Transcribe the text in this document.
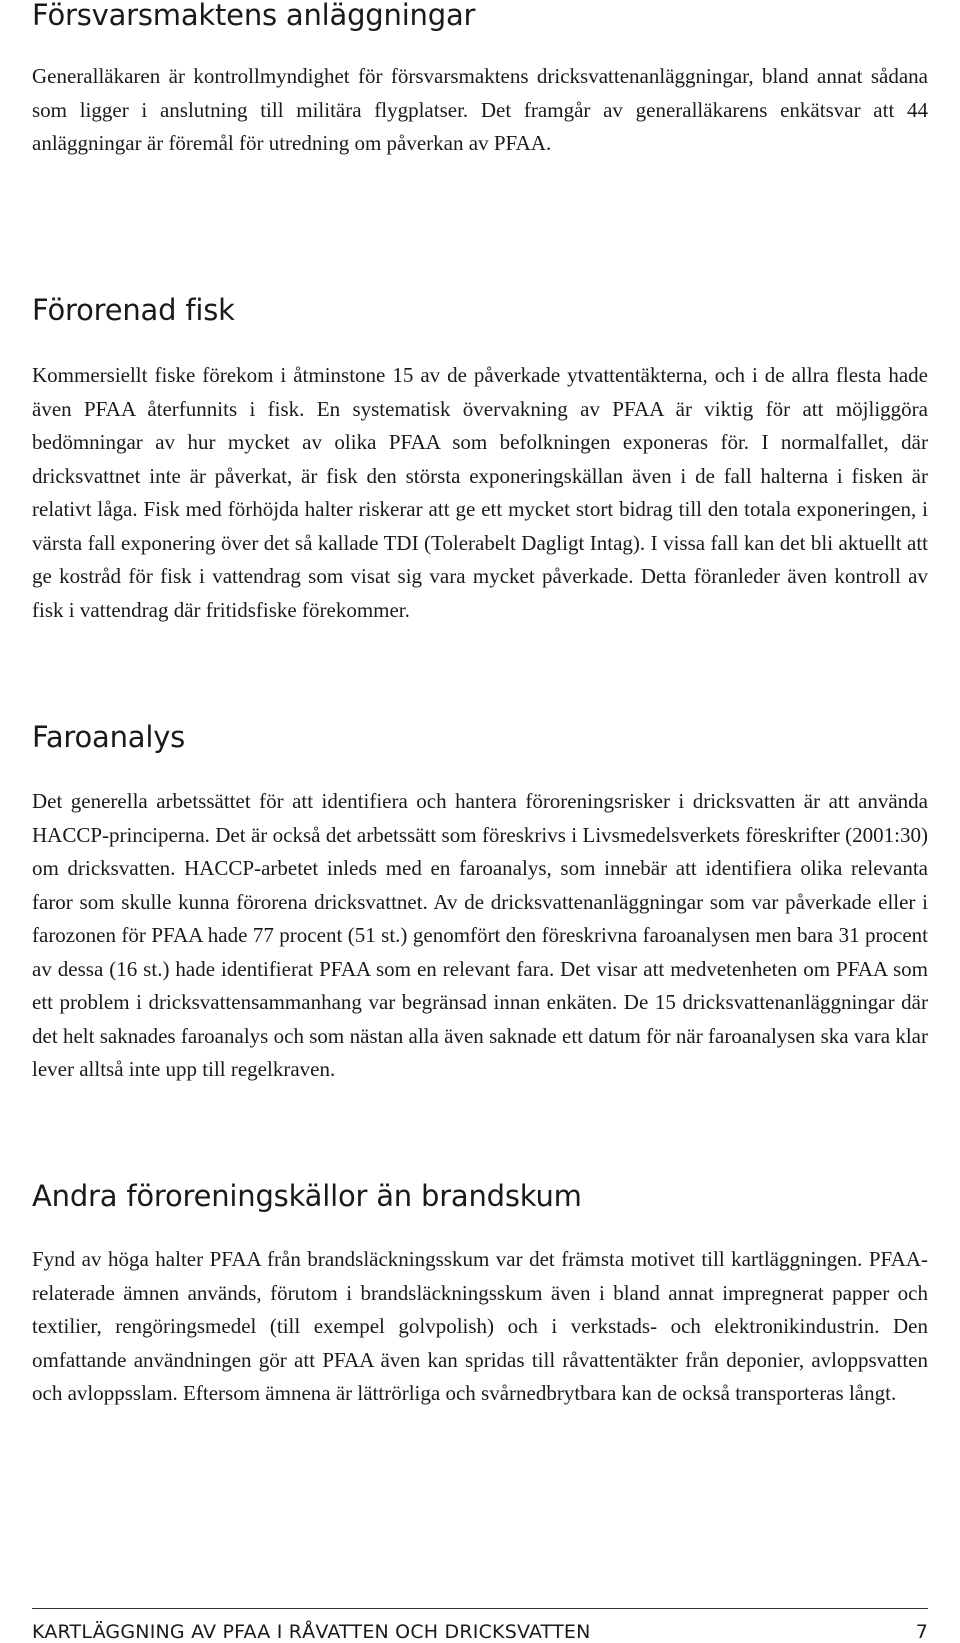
Försvarsmaktens anläggningar

Generalläkaren är kontrollmyndighet för försvarsmaktens dricksvattenanläggningar, bland annat sådana som ligger i anslutning till militära flygplatser. Det framgår av generalläkarens enkätsvar att 44 anläggningar är föremål för utredning om påverkan av PFAA.

Förorenad fisk

Kommersiellt fiske förekom i åtminstone 15 av de påverkade ytvattentäkterna, och i de allra flesta hade även PFAA återfunnits i fisk. En systematisk övervakning av PFAA är viktig för att möjliggöra bedömningar av hur mycket av olika PFAA som befolkningen exponeras för. I normalfallet, där dricksvattnet inte är påverkat, är fisk den största exponeringskällan även i de fall halterna i fisken är relativt låga. Fisk med förhöjda halter riskerar att ge ett mycket stort bidrag till den totala exponeringen, i värsta fall exponering över det så kallade TDI (Tolerabelt Dagligt Intag). I vissa fall kan det bli aktuellt att ge kostråd för fisk i vattendrag som visat sig vara mycket påverkade. Detta föranleder även kontroll av fisk i vattendrag där fritidsfiske förekommer.

Faroanalys

Det generella arbetssättet för att identifiera och hantera föroreningsrisker i dricksvatten är att använda HACCP-principerna. Det är också det arbetssätt som föreskrivs i Livsmedelsverkets föreskrifter (2001:30) om dricksvatten. HACCP-arbetet inleds med en faroanalys, som innebär att identifiera olika relevanta faror som skulle kunna förorena dricksvattnet. Av de dricksvattenanläggningar som var påverkade eller i farozonen för PFAA hade 77 procent (51 st.) genomfört den föreskrivna faroanalysen men bara 31 procent av dessa (16 st.) hade identifierat PFAA som en relevant fara. Det visar att medvetenheten om PFAA som ett problem i dricksvattensammanhang var begränsad innan enkäten. De 15 dricksvattenanläggningar där det helt saknades faroanalys och som nästan alla även saknade ett datum för när faroanalysen ska vara klar lever alltså inte upp till regelkraven.

Andra föroreningskällor än brandskum

Fynd av höga halter PFAA från brandsläckningsskum var det främsta motivet till kartläggningen. PFAA-relaterade ämnen används, förutom i brandsläckningsskum även i bland annat impregnerat papper och textilier, rengöringsmedel (till exempel golvpolish) och i verkstads- och elektronikindustrin. Den omfattande användningen gör att PFAA även kan spridas till råvattentäkter från deponier, avloppsvatten och avloppsslam. Eftersom ämnena är lättrörliga och svårnedbrytbara kan de också transporteras långt.

KARTLÄGGNING AV PFAA I RÅVATTEN OCH DRICKSVATTEN	7
